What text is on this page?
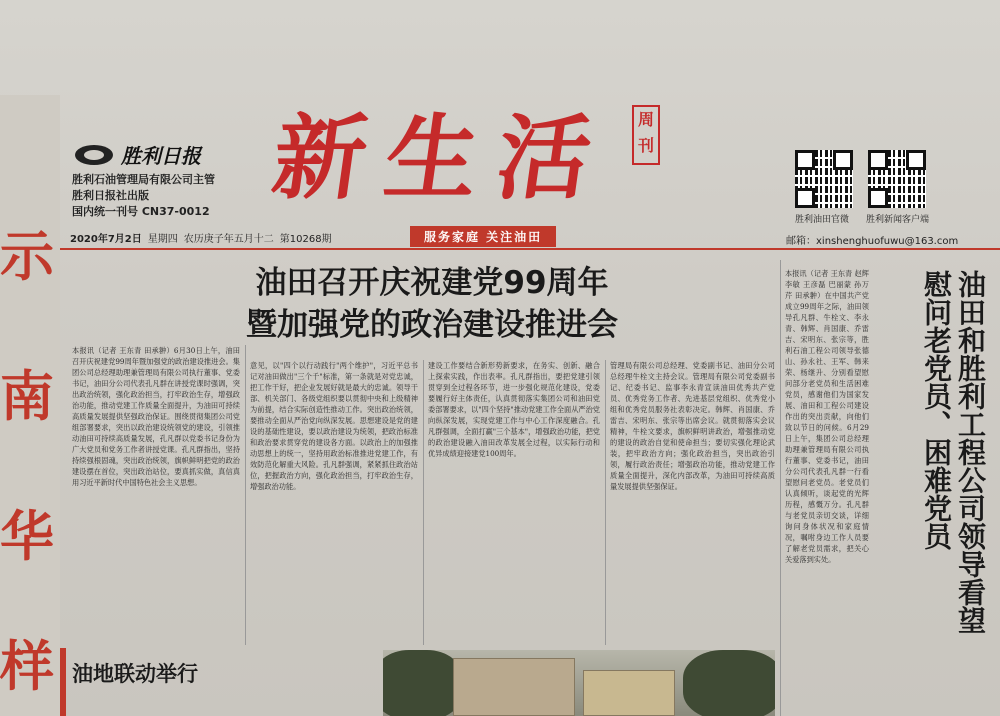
示
南
华
样
胜利日报
胜利石油管理局有限公司主管
胜利日报社出版
国内统一刊号 CN37-0012 新生活	周刊
胜利油田官微 胜利新闻客户端
2020年7月2日 星期四 农历庚子年五月十二 第10268期	服务家庭 关注油田	邮箱：xinshenghuofuwu@163.com
油田召开庆祝建党99周年
暨加强党的政治建设推进会
本报讯（记者 王东青 田承翀）6月30日上午，油田召开庆祝建党99周年暨加强党的政治建设推进会。集团公司总经理助理兼管理局有限公司执行董事、党委书记，油田分公司代表孔凡群在讲授党课时强调，突出政治统领，强化政治担当，打牢政治生存，增强政治功能，推动党建工作质量全面提升，为油田可持续高质量发展提供坚强政治保证。围绕贯彻集团公司党组部署要求，突出以政治建设统领党的建设，引领推动油田可持续高质量发展，孔凡群以党委书记身份为广大党员和党务工作者讲授党课。孔凡群指出，坚持持续强根固魂，突出政治统领，旗帜鲜明把党的政治建设摆在首位，突出政治站位，要真抓实做，真信真用习近平新时代中国特色社会主义思想。
意见，以"四个以行动践行"两个维护"，习近平总书记对油田做出"三个千"标准，第一条就是对党忠诚，把工作干好，把企业发展好就是最大的忠诚。领导干部、机关部门、各级党组织要以贯彻中央和上级精神为前提，结合实际创造性推动工作。突出政治统领，要推动全面从严治党向纵深发展。思想建设是党的建设的基础性建设，要以政治建设为统领，把政治标准和政治要求贯穿党的建设各方面。以政治上的加强推动思想上的统一，坚持用政治标准推进党建工作，有效防范化解重大风险。孔凡群强调，紧紧抓住政治站位，把握政治方向，强化政治担当，打牢政治生存，增强政治功能。
建设工作要结合新形势新要求，在务实、创新、融合上探索实践，作出表率。孔凡群指出，要把党建引领贯穿到全过程各环节，进一步强化规范化建设，党委要履行好主体责任，认真贯彻落实集团公司和油田党委部署要求，以"四个坚持"推动党建工作全面从严治党向纵深发展，实现党建工作与中心工作深度融合。孔凡群强调，全面打赢"三个基本"，增强政治功能，把党的政治建设融入油田改革发展全过程，以实际行动和优异成绩迎接建党100周年。
管理局有限公司总经理、党委副书记、油田分公司总经理牛栓文主持会议。管理局有限公司党委副书记、纪委书记、监事李永青宣读油田优秀共产党员、优秀党务工作者、先进基层党组织、优秀党小组和优秀党员服务社表彰决定。韩辉、肖国康、乔雷吉、宋明东、张宗等出席会议。就贯彻落实会议精神，牛栓文要求，旗帜鲜明讲政治，增强推动党的建设的政治自觉和使命担当；要切实强化理论武装，把牢政治方向；强化政治担当，突出政治引领，履行政治责任；增强政治功能，推动党建工作质量全面提升，深化内部改革，为油田可持续高质量发展提供坚强保证。
本报讯（记者 王东青 赵辉 李敏 王彦磊 巴丽蒙 孙万芹 田承翀）在中国共产党成立99周年之际，油田领导孔凡群、牛栓文、李永青、韩辉、肖国康、乔雷吉、宋明东、张宗等，胜利石油工程公司领导张德山、孙永社、王军、韩来荣、杨继升、分别看望慰问部分老党员和生活困难党员，感谢他们为国家发展、油田和工程公司建设作出的突出贡献，向他们致以节日的问候。6月29日上午，集团公司总经理助理兼管理局有限公司执行董事、党委书记，油田分公司代表孔凡群一行看望慰问老党员。老党员们认真倾听，谈起党的光辉历程，感慨万分。孔凡群与老党员亲切交谈，详细询问身体状况和家庭情况，嘱咐身边工作人员要了解老党员需求，把关心关爱落到实处。	油田和胜利工程公司领导看望慰问老党员、困难党员
油地联动举行
